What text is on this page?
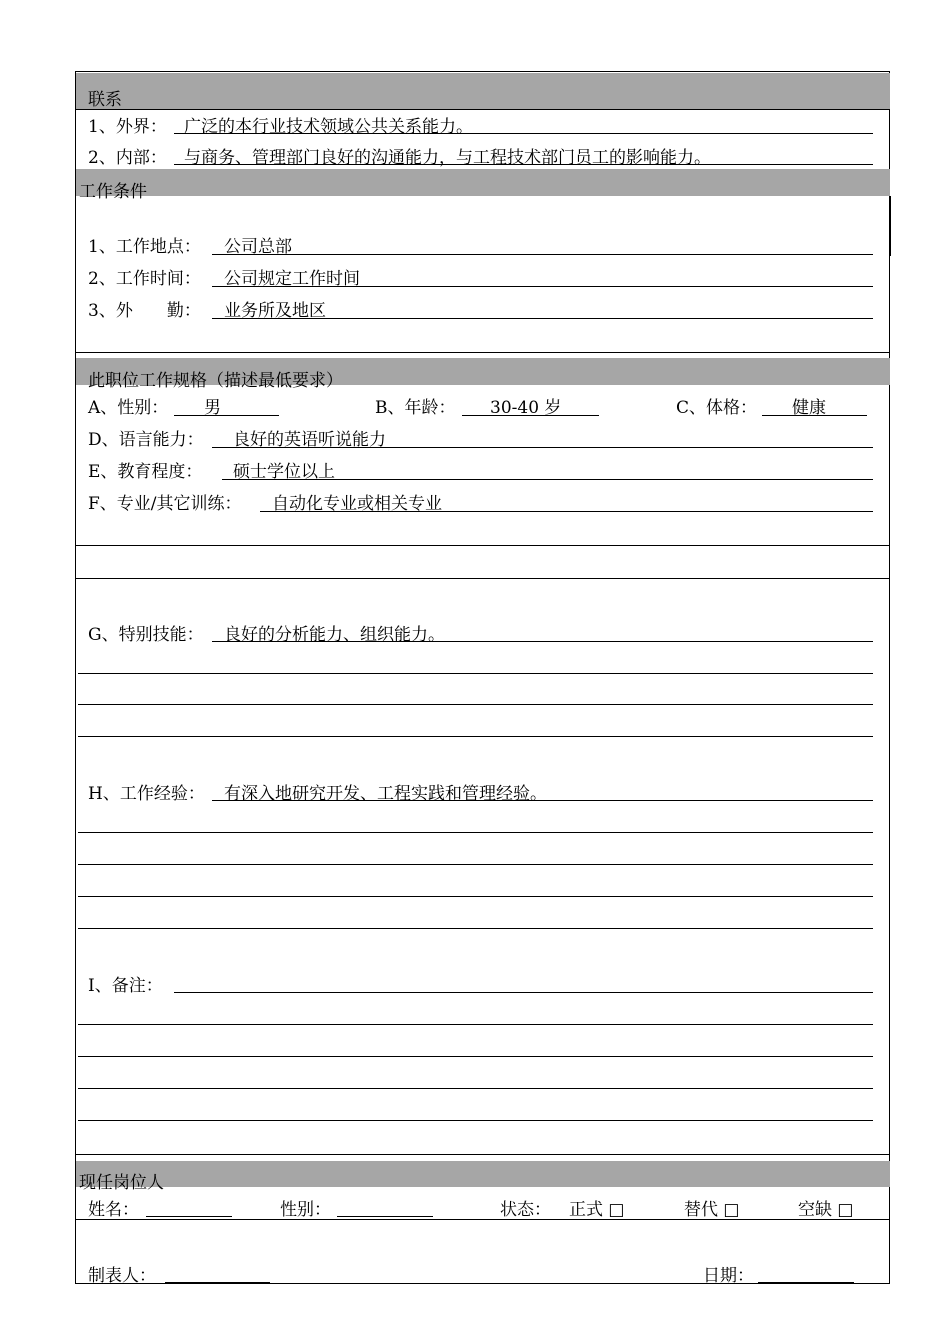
联系
1、外界： 广泛的本行业技术领域公共关系能力。
2、内部： 与商务、管理部门良好的沟通能力，与工程技术部门员工的影响能力。
工作条件
1、工作地点： 公司总部
2、工作时间： 公司规定工作时间
3、外　　勤： 业务所及地区
此职位工作规格（描述最低要求）
A、性别： 男	B、年龄： 30-40 岁	C、体格： 健康
D、语言能力： 良好的英语听说能力
E、教育程度： 硕士学位以上
F、专业/其它训练： 自动化专业或相关专业
G、特别技能： 良好的分析能力、组织能力。
H、工作经验： 有深入地研究开发、工程实践和管理经验。
I、备注：
现任岗位人
姓名：	性别：	状态： 正式 □	替代 □	空缺 □
制表人：	日期：
